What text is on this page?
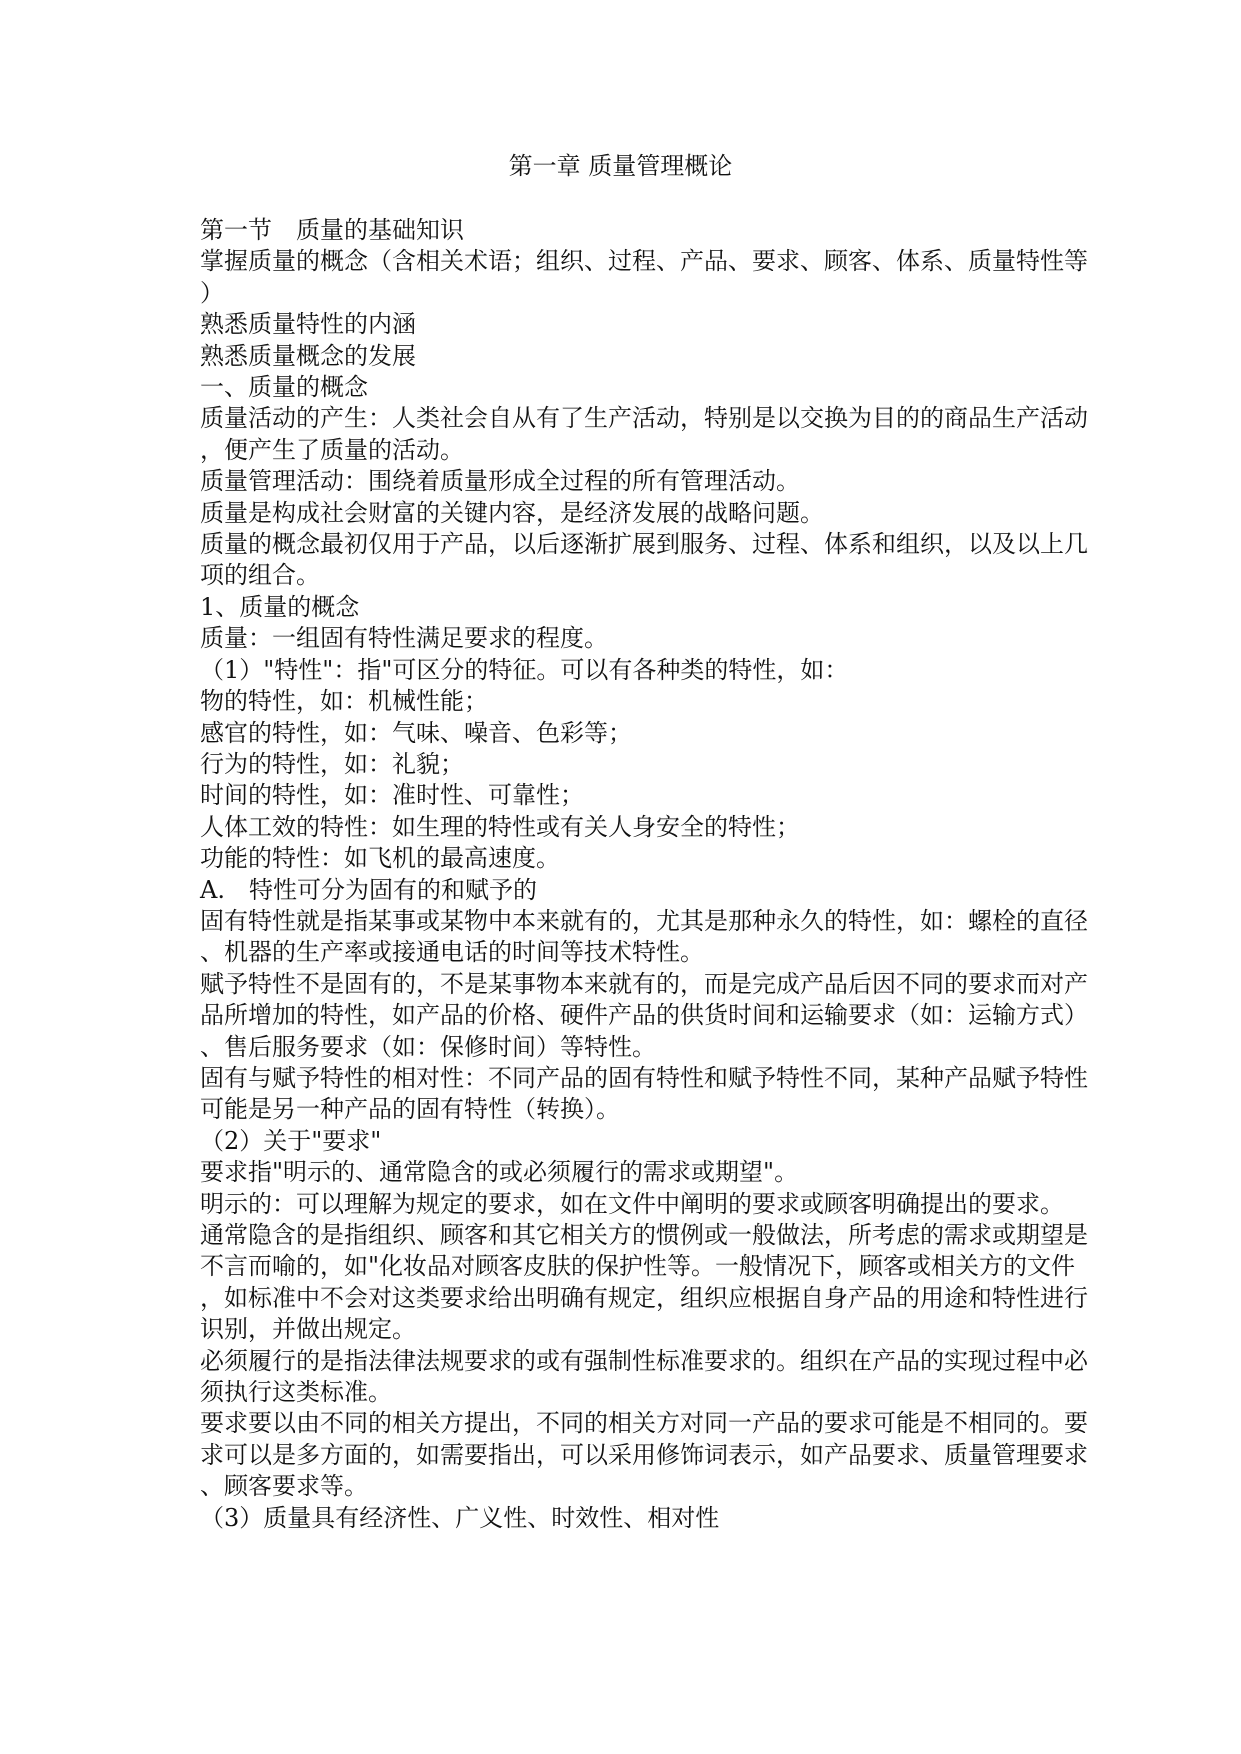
第一章 质量管理概论

第一节　质量的基础知识

掌握质量的概念（含相关术语；组织、过程、产品、要求、顾客、体系、质量特性等

）

熟悉质量特性的内涵

熟悉质量概念的发展

一、质量的概念

质量活动的产生：人类社会自从有了生产活动，特别是以交换为目的的商品生产活动

，便产生了质量的活动。

质量管理活动：围绕着质量形成全过程的所有管理活动。

质量是构成社会财富的关键内容，是经济发展的战略问题。

质量的概念最初仅用于产品，以后逐渐扩展到服务、过程、体系和组织，以及以上几

项的组合。

1、质量的概念

质量：一组固有特性满足要求的程度。

（1）"特性"：指"可区分的特征。可以有各种类的特性，如：

物的特性，如：机械性能；

感官的特性，如：气味、噪音、色彩等；

行为的特性，如：礼貌；

时间的特性，如：准时性、可靠性；

人体工效的特性：如生理的特性或有关人身安全的特性；

功能的特性：如飞机的最高速度。

A.　特性可分为固有的和赋予的

固有特性就是指某事或某物中本来就有的，尤其是那种永久的特性，如：螺栓的直径

、机器的生产率或接通电话的时间等技术特性。

赋予特性不是固有的，不是某事物本来就有的，而是完成产品后因不同的要求而对产

品所增加的特性，如产品的价格、硬件产品的供货时间和运输要求（如：运输方式）

、售后服务要求（如：保修时间）等特性。

固有与赋予特性的相对性：不同产品的固有特性和赋予特性不同，某种产品赋予特性

可能是另一种产品的固有特性（转换）。

（2）关于"要求"

要求指"明示的、通常隐含的或必须履行的需求或期望"。

明示的：可以理解为规定的要求，如在文件中阐明的要求或顾客明确提出的要求。

通常隐含的是指组织、顾客和其它相关方的惯例或一般做法，所考虑的需求或期望是

不言而喻的，如"化妆品对顾客皮肤的保护性等。一般情况下，顾客或相关方的文件

，如标准中不会对这类要求给出明确有规定，组织应根据自身产品的用途和特性进行

识别，并做出规定。

必须履行的是指法律法规要求的或有强制性标准要求的。组织在产品的实现过程中必

须执行这类标准。

要求要以由不同的相关方提出，不同的相关方对同一产品的要求可能是不相同的。要

求可以是多方面的，如需要指出，可以采用修饰词表示，如产品要求、质量管理要求

、顾客要求等。

（3）质量具有经济性、广义性、时效性、相对性
